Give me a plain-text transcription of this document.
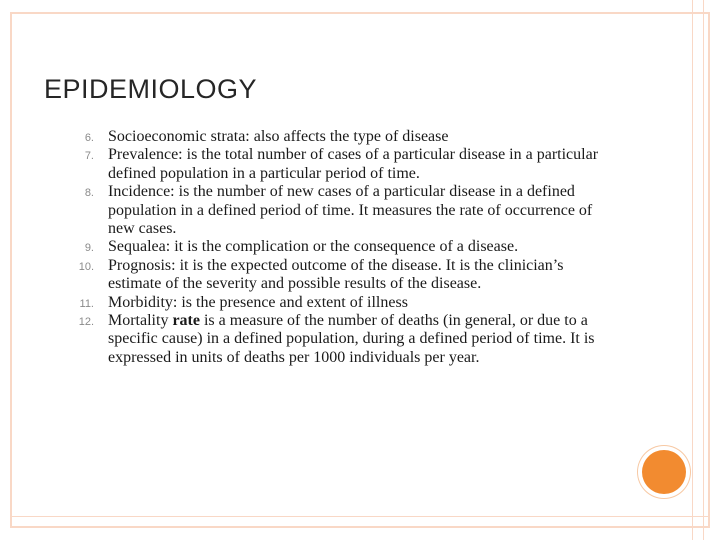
EPIDEMIOLOGY
6. Socioeconomic strata: also affects the type of disease
7. Prevalence: is the total number of cases of a particular disease in a particular defined population in a particular period of time.
8. Incidence: is the number of new cases of a particular disease in a defined population in a defined period of time. It measures the rate of occurrence of new cases.
9. Sequalea: it is the complication or the consequence of a disease.
10. Prognosis: it is the expected outcome of the disease. It is the clinician’s estimate of the severity and possible results of the disease.
11. Morbidity: is the presence and extent of illness
12. Mortality rate is a measure of the number of deaths (in general, or due to a specific cause) in a defined population, during a defined period of time. It is expressed in units of deaths per 1000 individuals per year.
